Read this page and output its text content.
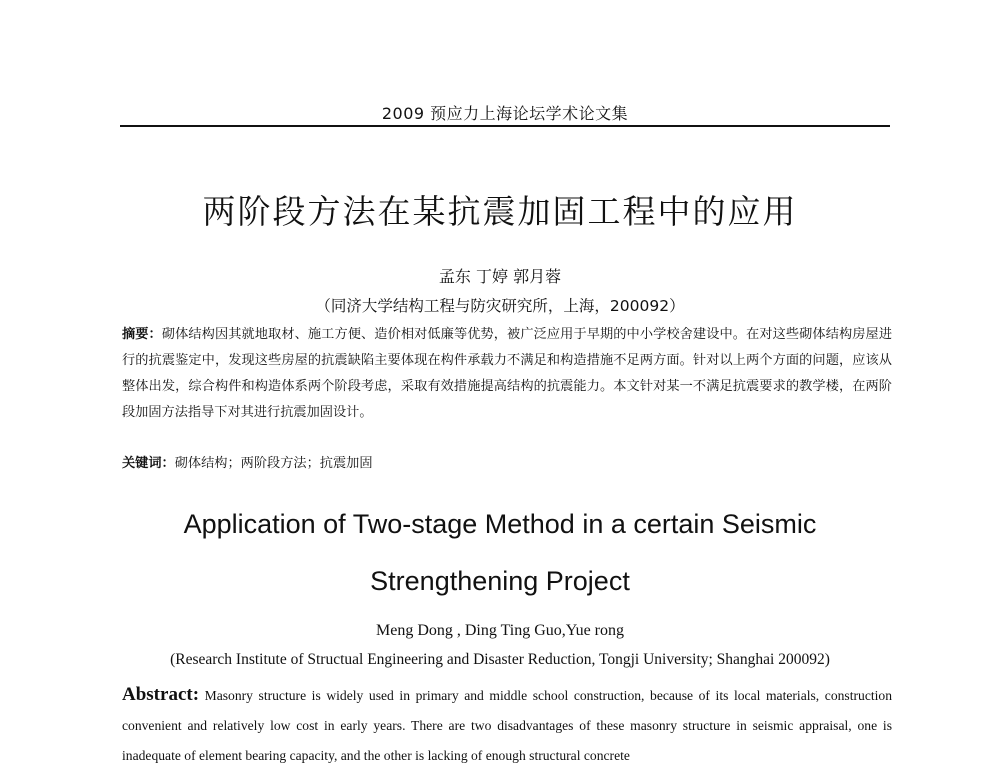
2009 预应力上海论坛学术论文集
两阶段方法在某抗震加固工程中的应用
孟东 丁婷 郭月蓉
（同济大学结构工程与防灾研究所，上海，200092）
摘要：砌体结构因其就地取材、施工方便、造价相对低廉等优势，被广泛应用于早期的中小学校舍建设中。在对这些砌体结构房屋进行的抗震鉴定中，发现这些房屋的抗震缺陷主要体现在构件承载力不满足和构造措施不足两方面。针对以上两个方面的问题，应该从整体出发，综合构件和构造体系两个阶段考虑，采取有效措施提高结构的抗震能力。本文针对某一不满足抗震要求的教学楼，在两阶段加固方法指导下对其进行抗震加固设计。
关键词：砌体结构；两阶段方法；抗震加固
Application of Two-stage Method in a certain Seismic
Strengthening Project
Meng Dong , Ding Ting Guo,Yue rong
(Research Institute of Structual Engineering and Disaster Reduction, Tongji University; Shanghai 200092)
Abstract: Masonry structure is widely used in primary and middle school construction, because of its local materials, construction convenient and relatively low cost in early years. There are two disadvantages of these masonry structure in seismic appraisal, one is inadequate of element bearing capacity, and the other is lacking of enough structural concrete
